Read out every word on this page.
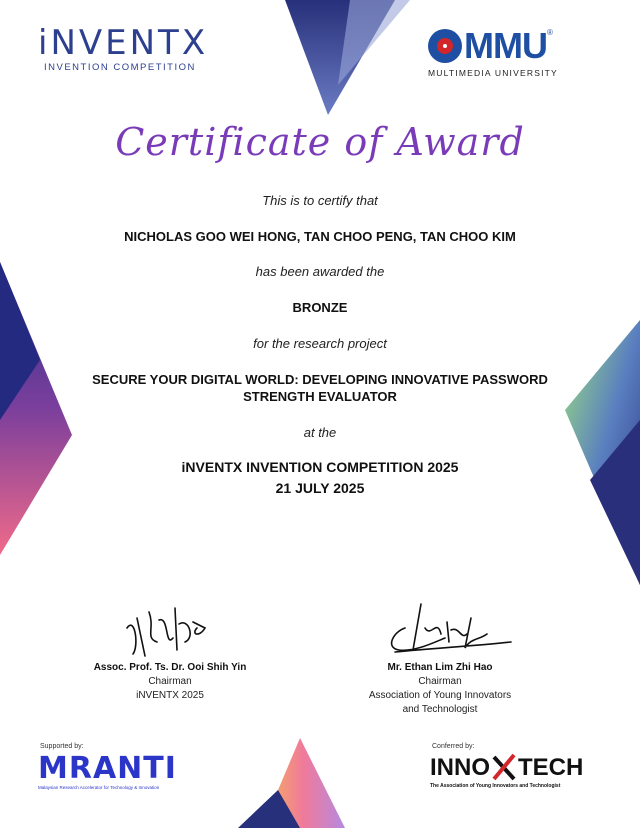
iNVENTX
INVENTION COMPETITION
MMU ®
MULTIMEDIA UNIVERSITY
Certificate of Award
This is to certify that
NICHOLAS GOO WEI HONG, TAN CHOO PENG, TAN CHOO KIM
has been awarded the
BRONZE
for the research project
SECURE YOUR DIGITAL WORLD: DEVELOPING INNOVATIVE PASSWORD
STRENGTH EVALUATOR
at the
iNVENTX INVENTION COMPETITION 2025
21 JULY 2025
Assoc. Prof. Ts. Dr. Ooi Shih Yin
Chairman
iNVENTX 2025
Mr. Ethan Lim Zhi Hao
Chairman
Association of Young Innovators
and Technologist
Supported by:
MRANTI
Malaysian Research Accelerator for Technology & Innovation
Conferred by:
INNO TECH
The Association of Young Innovators and Technologist
